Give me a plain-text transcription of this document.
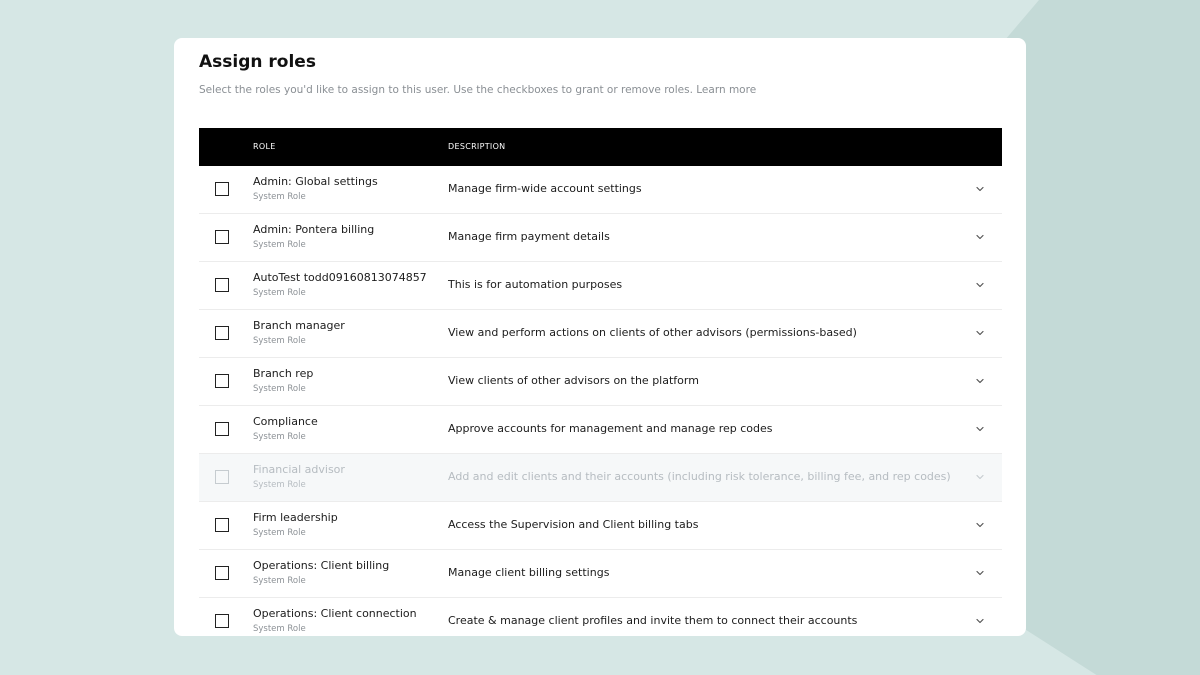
Assign roles
Select the roles you'd like to assign to this user. Use the checkboxes to grant or remove roles. Learn more
ROLE	DESCRIPTION
Admin: Global settings
System Role
Manage firm-wide account settings
Admin: Pontera billing
System Role
Manage firm payment details
AutoTest todd09160813074857
System Role
This is for automation purposes
Branch manager
System Role
View and perform actions on clients of other advisors (permissions-based)
Branch rep
System Role
View clients of other advisors on the platform
Compliance
System Role
Approve accounts for management and manage rep codes
Financial advisor
System Role
Add and edit clients and their accounts (including risk tolerance, billing fee, and rep codes)
Firm leadership
System Role
Access the Supervision and Client billing tabs
Operations: Client billing
System Role
Manage client billing settings
Operations: Client connection
System Role
Create & manage client profiles and invite them to connect their accounts
